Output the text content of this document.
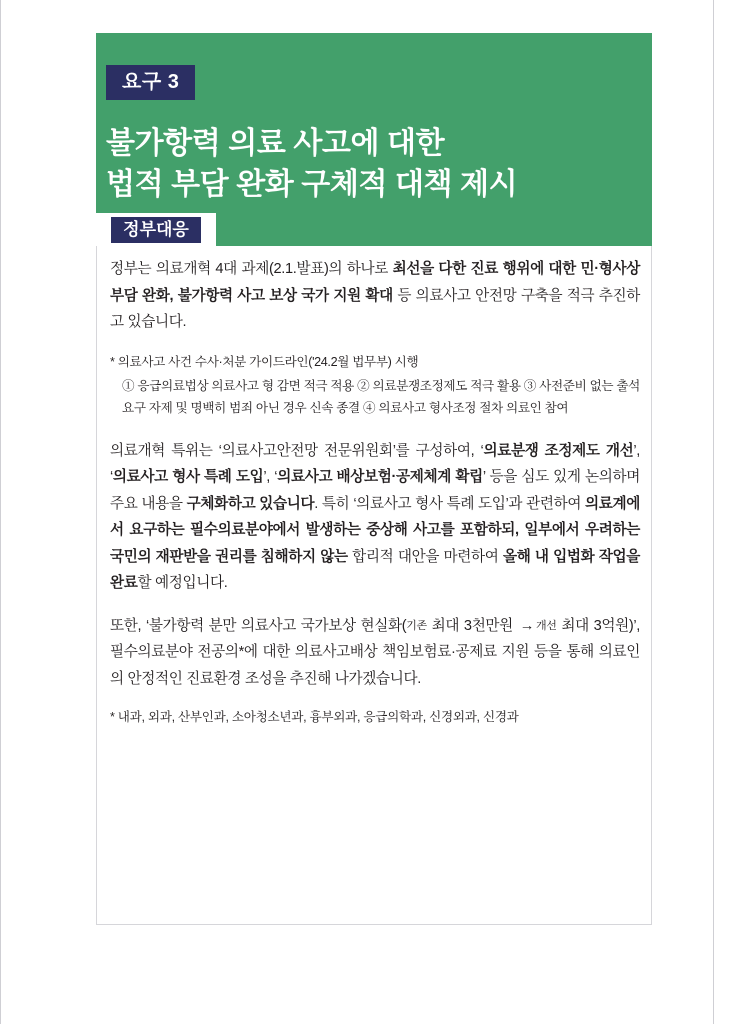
요구 3
불가항력 의료 사고에 대한
법적 부담 완화 구체적 대책 제시
정부대응

정부는 의료개혁 4대 과제(2.1.발표)의 하나로 최선을 다한 진료 행위에 대한 민·형사상 부담 완화, 불가항력 사고 보상 국가 지원 확대 등 의료사고 안전망 구축을 적극 추진하고 있습니다.

* 의료사고 사건 수사·처분 가이드라인('24.2월 법무부) 시행
① 응급의료법상 의료사고 형 감면 적극 적용 ② 의료분쟁조정제도 적극 활용 ③ 사전준비 없는 출석요구 자제 및 명백히 범죄 아닌 경우 신속 종결 ④ 의료사고 형사조정 절차 의료인 참여

의료개혁 특위는 ‘의료사고안전망 전문위원회’를 구성하여, ‘의료분쟁 조정제도 개선’, ‘의료사고 형사 특례 도입’, ‘의료사고 배상보험·공제체계 확립’ 등을 심도 있게 논의하며 주요 내용을 구체화하고 있습니다. 특히 ‘의료사고 형사 특례 도입’과 관련하여 의료계에서 요구하는 필수의료분야에서 발생하는 중상해 사고를 포함하되, 일부에서 우려하는 국민의 재판받을 권리를 침해하지 않는 합리적 대안을 마련하여 올해 내 입법화 작업을 완료할 예정입니다.

또한, ‘불가항력 분만 의료사고 국가보상 현실화(기존 최대 3천만원 → 개선 최대 3억원)’, 필수의료분야 전공의*에 대한 의료사고배상 책임보험료·공제료 지원 등을 통해 의료인의 안정적인 진료환경 조성을 추진해 나가겠습니다.

* 내과, 외과, 산부인과, 소아청소년과, 흉부외과, 응급의학과, 신경외과, 신경과
